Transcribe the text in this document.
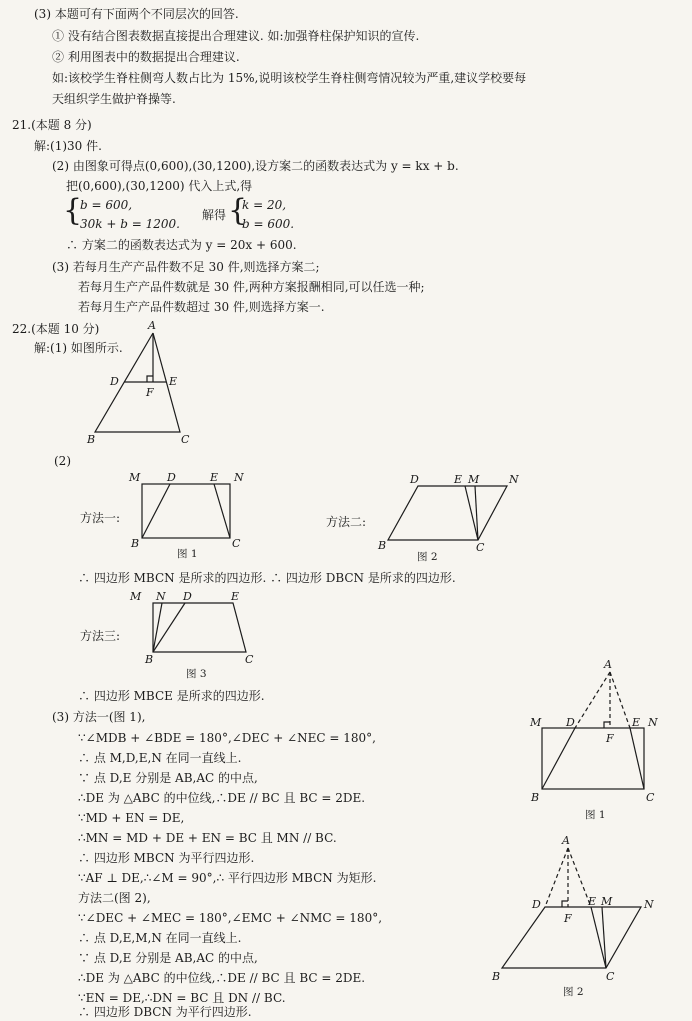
(3) 本题可有下面两个不同层次的回答.
① 没有结合图表数据直接提出合理建议. 如:加强脊柱保护知识的宣传.
② 利用图表中的数据提出合理建议.
如:该校学生脊柱侧弯人数占比为 15%,说明该校学生脊柱侧弯情况较为严重,建议学校要每
天组织学生做护脊操等.
21.(本题 8 分)
解:(1)30 件.
(2) 由图象可得点(0,600),(30,1200),设方案二的函数表达式为 y = kx + b.
把(0,600),(30,1200) 代入上式,得
{
b = 600,
30k + b = 1200.
解得 {
k = 20,
b = 600.
∴ 方案二的函数表达式为 y = 20x + 600.
(3) 若每月生产产品件数不足 30 件,则选择方案二;
若每月生产产品件数就是 30 件,两种方案报酬相同,可以任选一种;
若每月生产产品件数超过 30 件,则选择方案一.
22.(本题 10 分)
解:(1) 如图所示.
A
D	E
F
B	C
(2)
方法一:
M D	E N
B	C
图 1
方法二:
D	E M	N
B	C
图 2
∴ 四边形 MBCN 是所求的四边形. ∴ 四边形 DBCN 是所求的四边形.
方法三:
M N D	E
B	C
图 3
∴ 四边形 MBCE 是所求的四边形.
(3) 方法一(图 1),
∵∠MDB + ∠BDE = 180°,∠DEC + ∠NEC = 180°,
∴ 点 M,D,E,N 在同一直线上.
∵ 点 D,E 分别是 AB,AC 的中点,
∴DE 为 △ABC 的中位线,∴DE // BC 且 BC = 2DE.
∵MD + EN = DE,
∴MN = MD + DE + EN = BC 且 MN // BC.
∴ 四边形 MBCN 为平行四边形.
∵AF ⊥ DE,∴∠M = 90°,∴ 平行四边形 MBCN 为矩形.
方法二(图 2),
∵∠DEC + ∠MEC = 180°,∠EMC + ∠NMC = 180°,
∴ 点 D,E,M,N 在同一直线上.
∵ 点 D,E 分别是 AB,AC 的中点,
∴DE 为 △ABC 的中位线,∴DE // BC 且 BC = 2DE.
∵EN = DE,∴DN = BC 且 DN // BC.
∴ 四边形 DBCN 为平行四边形.
A
M D	E N
F
B	C
图 1
A
D	E M	N
F
B	C
图 2
